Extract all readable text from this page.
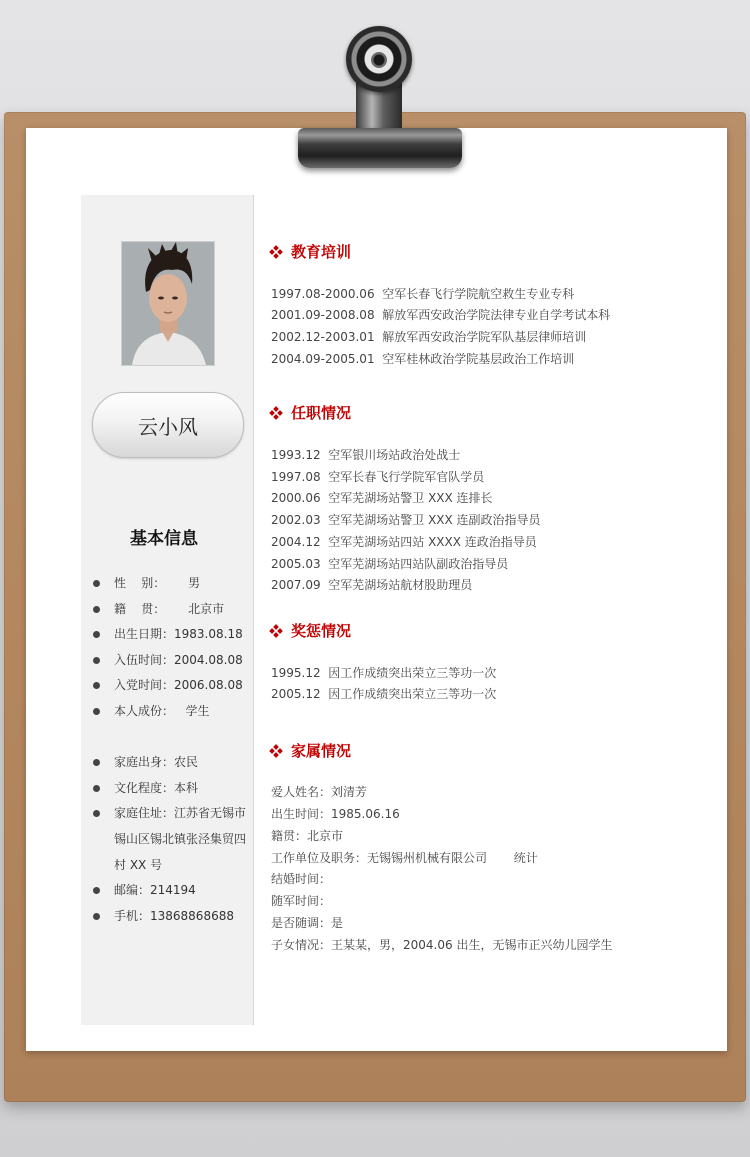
云小风
基本信息
性    别：      男
籍    贯：      北京市
出生日期：1983.08.18
入伍时间：2004.08.08
入党时间：2006.08.08
本人成份：   学生
家庭出身：农民
文化程度：本科
家庭住址：江苏省无锡市
锡山区锡北镇张泾集贸四
村 XX 号
邮编：214194
手机：13868868688
教育培训
1997.08-2000.06  空军长春飞行学院航空救生专业专科
2001.09-2008.08  解放军西安政治学院法律专业自学考试本科
2002.12-2003.01  解放军西安政治学院军队基层律师培训
2004.09-2005.01  空军桂林政治学院基层政治工作培训
任职情况
1993.12  空军银川场站政治处战士
1997.08  空军长春飞行学院军官队学员
2000.06  空军芜湖场站警卫 XXX 连排长
2002.03  空军芜湖场站警卫 XXX 连副政治指导员
2004.12  空军芜湖场站四站 XXXX 连政治指导员
2005.03  空军芜湖场站四站队副政治指导员
2007.09  空军芜湖场站航材股助理员
奖惩情况
1995.12  因工作成绩突出荣立三等功一次
2005.12  因工作成绩突出荣立三等功一次
家属情况
爱人姓名：刘清芳
出生时间：1985.06.16
籍贯：北京市
工作单位及职务：无锡锡州机械有限公司       统计
结婚时间：
随军时间：
是否随调：是
子女情况：王某某，男，2004.06 出生，无锡市正兴幼儿园学生
